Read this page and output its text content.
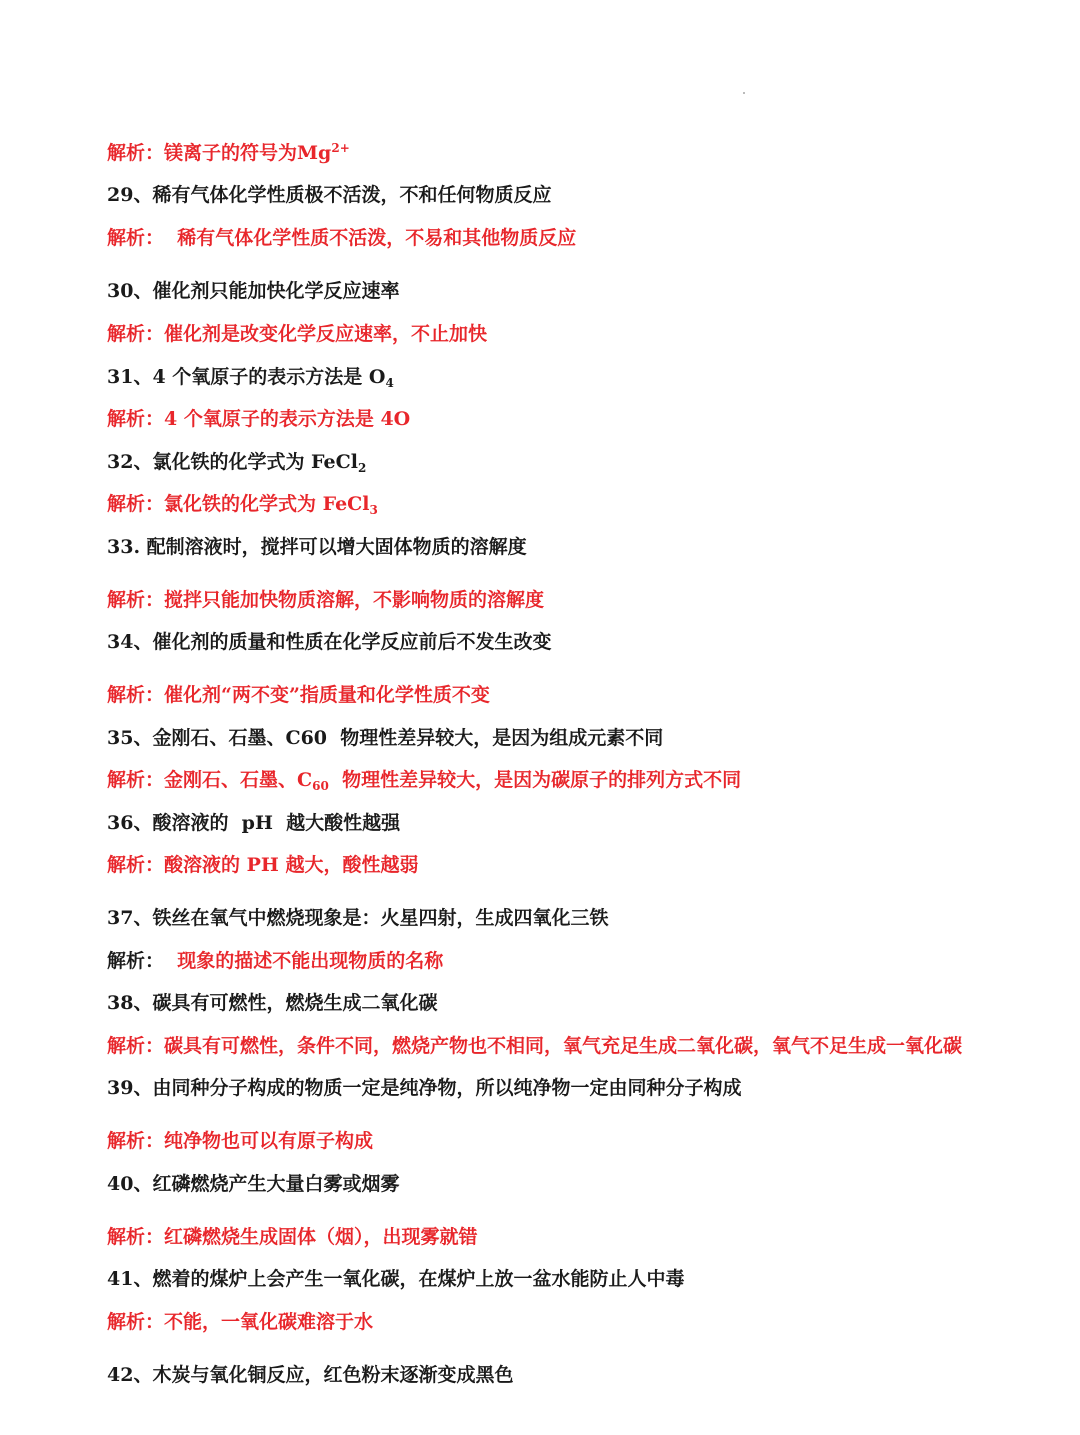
解析：镁离子的符号为$Mg^{2+}$
29、稀有气体化学性质极不活泼，不和任何物质反应
解析：  稀有气体化学性质不活泼，不易和其他物质反应
30、催化剂只能加快化学反应速率
解析：催化剂是改变化学反应速率，不止加快
31、4 个氧原子的表示方法是 $O_4$
解析：4 个氧原子的表示方法是 4O
32、氯化铁的化学式为 FeCl$_2$
解析：氯化铁的化学式为 FeCl$_3$
33. 配制溶液时，搅拌可以增大固体物质的溶解度
解析：搅拌只能加快物质溶解，不影响物质的溶解度
34、催化剂的质量和性质在化学反应前后不发生改变
解析：催化剂“两不变”指质量和化学性质不变
35、金刚石、石墨、C60  物理性差异较大，是因为组成元素不同
解析：金刚石、石墨、$C_{60}$  物理性差异较大，是因为碳原子的排列方式不同
36、酸溶液的  pH  越大酸性越强
解析：酸溶液的 PH 越大，酸性越弱
37、铁丝在氧气中燃烧现象是：火星四射，生成四氧化三铁
解析：  现象的描述不能出现物质的名称
38、碳具有可燃性，燃烧生成二氧化碳
解析：碳具有可燃性，条件不同，燃烧产物也不相同，氧气充足生成二氧化碳，氧气不足生成一氧化碳
39、由同种分子构成的物质一定是纯净物，所以纯净物一定由同种分子构成
解析：纯净物也可以有原子构成
40、红磷燃烧产生大量白雾或烟雾
解析：红磷燃烧生成固体（烟），出现雾就错
41、燃着的煤炉上会产生一氧化碳，在煤炉上放一盆水能防止人中毒
解析：不能，一氧化碳难溶于水
42、木炭与氧化铜反应，红色粉末逐渐变成黑色
